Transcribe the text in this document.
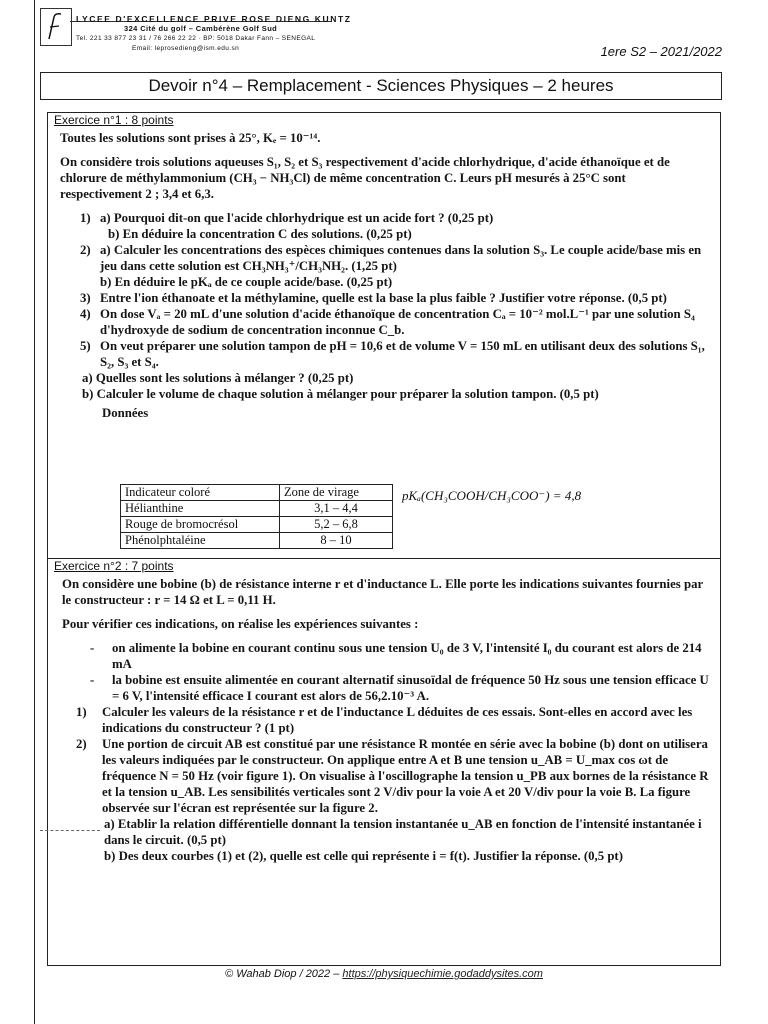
LYCEE D'EXCELLENCE PRIVE ROSE DIENG KUNTZ
324 Cité du golf – Cambérène Golf Sud
Tel. 221 33 877 23 31 / 76 266 22 22 · BP: 5018 Dakar Fann – SENEGAL
Email: leprosedieng@ism.edu.sn	1ere S2 – 2021/2022
Devoir n°4 – Remplacement - Sciences Physiques – 2 heures
Exercice n°1 : 8 points

Toutes les solutions sont prises à 25°, Kₑ = 10⁻¹⁴.

On considère trois solutions aqueuses S₁, S₂ et S₃ respectivement d'acide chlorhydrique, d'acide éthanoïque et de chlorure de méthylammonium (CH₃ − NH₃Cl) de même concentration C. Leurs pH mesurés à 25°C sont respectivement 2 ; 3,4 et 6,3.

1) a) Pourquoi dit-on que l'acide chlorhydrique est un acide fort ? (0,25 pt)

b) En déduire la concentration C des solutions. (0,25 pt)

2) a) Calculer les concentrations des espèces chimiques contenues dans la solution S₃. Le couple acide/base mis en jeu dans cette solution est CH₃NH₃⁺/CH₃NH₂. (1,25 pt)

b) En déduire le pKₐ de ce couple acide/base. (0,25 pt)

3) Entre l'ion éthanoate et la méthylamine, quelle est la base la plus faible ? Justifier votre réponse. (0,5 pt)

4) On dose Vₐ = 20 mL d'une solution d'acide éthanoïque de concentration Cₐ = 10⁻² mol.L⁻¹ par une solution S₄ d'hydroxyde de sodium de concentration inconnue C_b.

5) On veut préparer une solution tampon de pH = 10,6 et de volume V = 150 mL en utilisant deux des solutions S₁, S₂, S₃ et S₄.

a) Quelles sont les solutions à mélanger ? (0,25 pt)

b) Calculer le volume de chaque solution à mélanger pour préparer la solution tampon. (0,5 pt)

Données

Indicateur coloré	Zone de virage
Hélianthine	3,1 – 4,4
Rouge de bromocrésol	5,2 – 6,8
Phénolphtaléine	8 – 10
pKₐ(CH₃COOH/CH₃COO⁻) = 4,8
Exercice n°2 : 7 points

On considère une bobine (b) de résistance interne r et d'inductance L. Elle porte les indications suivantes fournies par le constructeur : r = 14 Ω et L = 0,11 H.

Pour vérifier ces indications, on réalise les expériences suivantes :

-	on alimente la bobine en courant continu sous une tension U₀ de 3 V, l'intensité I₀ du courant est alors de 214 mA

-	la bobine est ensuite alimentée en courant alternatif sinusoïdal de fréquence 50 Hz sous une tension efficace U = 6 V, l'intensité efficace I courant est alors de 56,2.10⁻³ A.

1)	Calculer les valeurs de la résistance r et de l'inductance L déduites de ces essais. Sont-elles en accord avec les indications du constructeur ? (1 pt)

2)	Une portion de circuit AB est constitué par une résistance R montée en série avec la bobine (b) dont on utilisera les valeurs indiquées par le constructeur. On applique entre A et B une tension u_AB = U_max cos ωt de fréquence N = 50 Hz (voir figure 1). On visualise à l'oscillographe la tension u_PB aux bornes de la résistance R et la tension u_AB. Les sensibilités verticales sont 2 V/div pour la voie A et 20 V/div pour la voie B. La figure observée sur l'écran est représentée sur la figure 2.

a) Etablir la relation différentielle donnant la tension instantanée u_AB en fonction de l'intensité instantanée i dans le circuit. (0,5 pt)

b) Des deux courbes (1) et (2), quelle est celle qui représente i = f(t). Justifier la réponse. (0,5 pt)

© Wahab Diop / 2022 – https://physiquechimie.godaddysites.com
